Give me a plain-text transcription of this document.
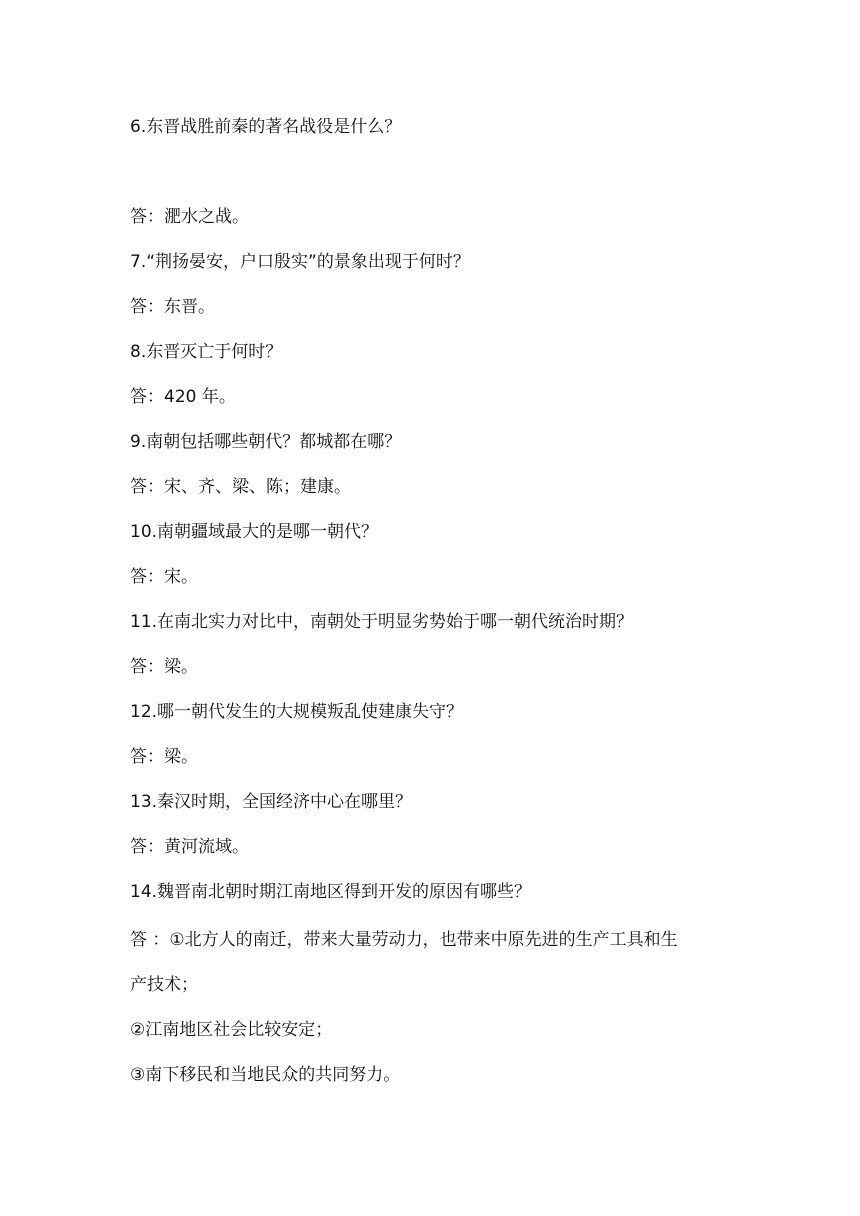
6.东晋战胜前秦的著名战役是什么？
答：淝水之战。
7.“荆扬晏安，户口殷实”的景象出现于何时？
答：东晋。
8.东晋灭亡于何时？
答：420 年。
9.南朝包括哪些朝代？都城都在哪？
答：宋、齐、梁、陈；建康。
10.南朝疆域最大的是哪一朝代？
答：宋。
11.在南北实力对比中，南朝处于明显劣势始于哪一朝代统治时期？
答：梁。
12.哪一朝代发生的大规模叛乱使建康失守？
答：梁。
13.秦汉时期，全国经济中心在哪里？
答：黄河流域。
14.魏晋南北朝时期江南地区得到开发的原因有哪些？
答 ：①北方人的南迁，带来大量劳动力，也带来中原先进的生产工具和生
产技术；
②江南地区社会比较安定；
③南下移民和当地民众的共同努力。
